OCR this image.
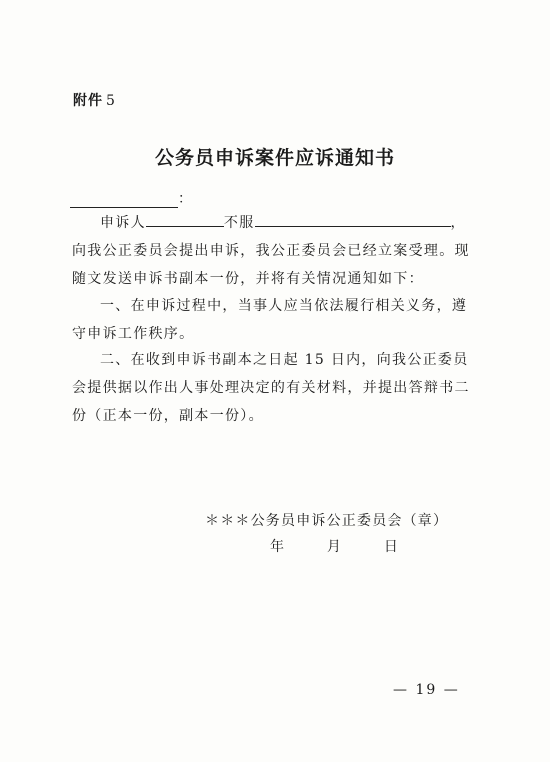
附件 5
公务员申诉案件应诉通知书
：
申诉人	不服	，
向我公正委员会提出申诉，我公正委员会已经立案受理。现
随文发送申诉书副本一份，并将有关情况通知如下：
一、在申诉过程中，当事人应当依法履行相关义务，遵
守申诉工作秩序。
二、在收到申诉书副本之日起 15 日内，向我公正委员
会提供据以作出人事处理决定的有关材料，并提出答辩书二
份（正本一份，副本一份）。
＊＊＊公务员申诉公正委员会（章）
年	月	日
— 19 —
